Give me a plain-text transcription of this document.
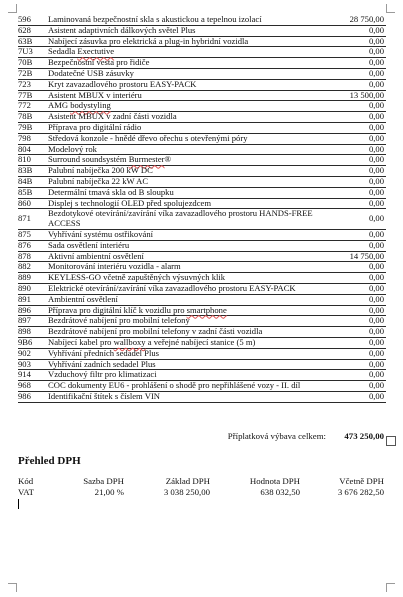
596	Laminovaná bezpečnostní skla s akustickou a tepelnou izolací	28 750,00
628	Asistent adaptivních dálkových světel Plus	0,00
63B	Nabíjecí zásuvka pro elektrická a plug-in hybridní vozidla	0,00
7U3	Sedadla Exectutive	0,00
70B	Bezpečnostní vesta pro řidiče	0,00
72B	Dodatečné USB zásuvky	0,00
723	Kryt zavazadlového prostoru EASY-PACK	0,00
77B	Asistent MBUX v interiéru	13 500,00
772	AMG bodystyling	0,00
78B	Asistent MBUX v zadní části vozidla	0,00
79B	Příprava pro digitální rádio	0,00
798	Středová konzole - hnědé dřevo ořechu s otevřenými póry	0,00
804	Modelový rok	0,00
810	Surround soundsystém Burmester®	0,00
83B	Palubní nabíječka 200 kW DC	0,00
84B	Palubní nabíječka 22 kW AC	0,00
85B	Determální tmavá skla od B sloupku	0,00
860	Displej s technologií OLED před spolujezdcem	0,00
871	Bezdotykové otevírání/zavírání víka zavazadlového prostoru HANDS-FREE ACCESS	0,00
875	Vyhřívání systému ostřikování	0,00
876	Sada osvětlení interiéru	0,00
878	Aktivní ambientní osvětlení	14 750,00
882	Monitorování interiéru vozidla - alarm	0,00
889	KEYLESS-GO včetně zapuštěných výsuvných klik	0,00
890	Elektrické otevírání/zavírání víka zavazadlového prostoru EASY-PACK	0,00
891	Ambientní osvětlení	0,00
896	Příprava pro digitální klíč k vozidlu pro smartphone	0,00
897	Bezdrátové nabíjení pro mobilní telefony	0,00
898	Bezdrátové nabíjení pro mobilní telefony v zadní části vozidla	0,00
9B6	Nabíjecí kabel pro wallboxy a veřejné nabíjecí stanice (5 m)	0,00
902	Vyhřívání předních sedadel Plus	0,00
903	Vyhřívání zadních sedadel Plus	0,00
914	Vzduchový filtr pro klimatizaci	0,00
968	COC dokumenty EU6 - prohlášení o shodě pro nepřihlášené vozy - II. díl	0,00
986	Identifikační štítek s číslem VIN	0,00
Příplatková výbava celkem:	473 250,00
Přehled DPH
Kód	Sazba DPH	Základ DPH	Hodnota DPH	Včetně DPH
VAT	21,00 %	3 038 250,00	638 032,50	3 676 282,50
